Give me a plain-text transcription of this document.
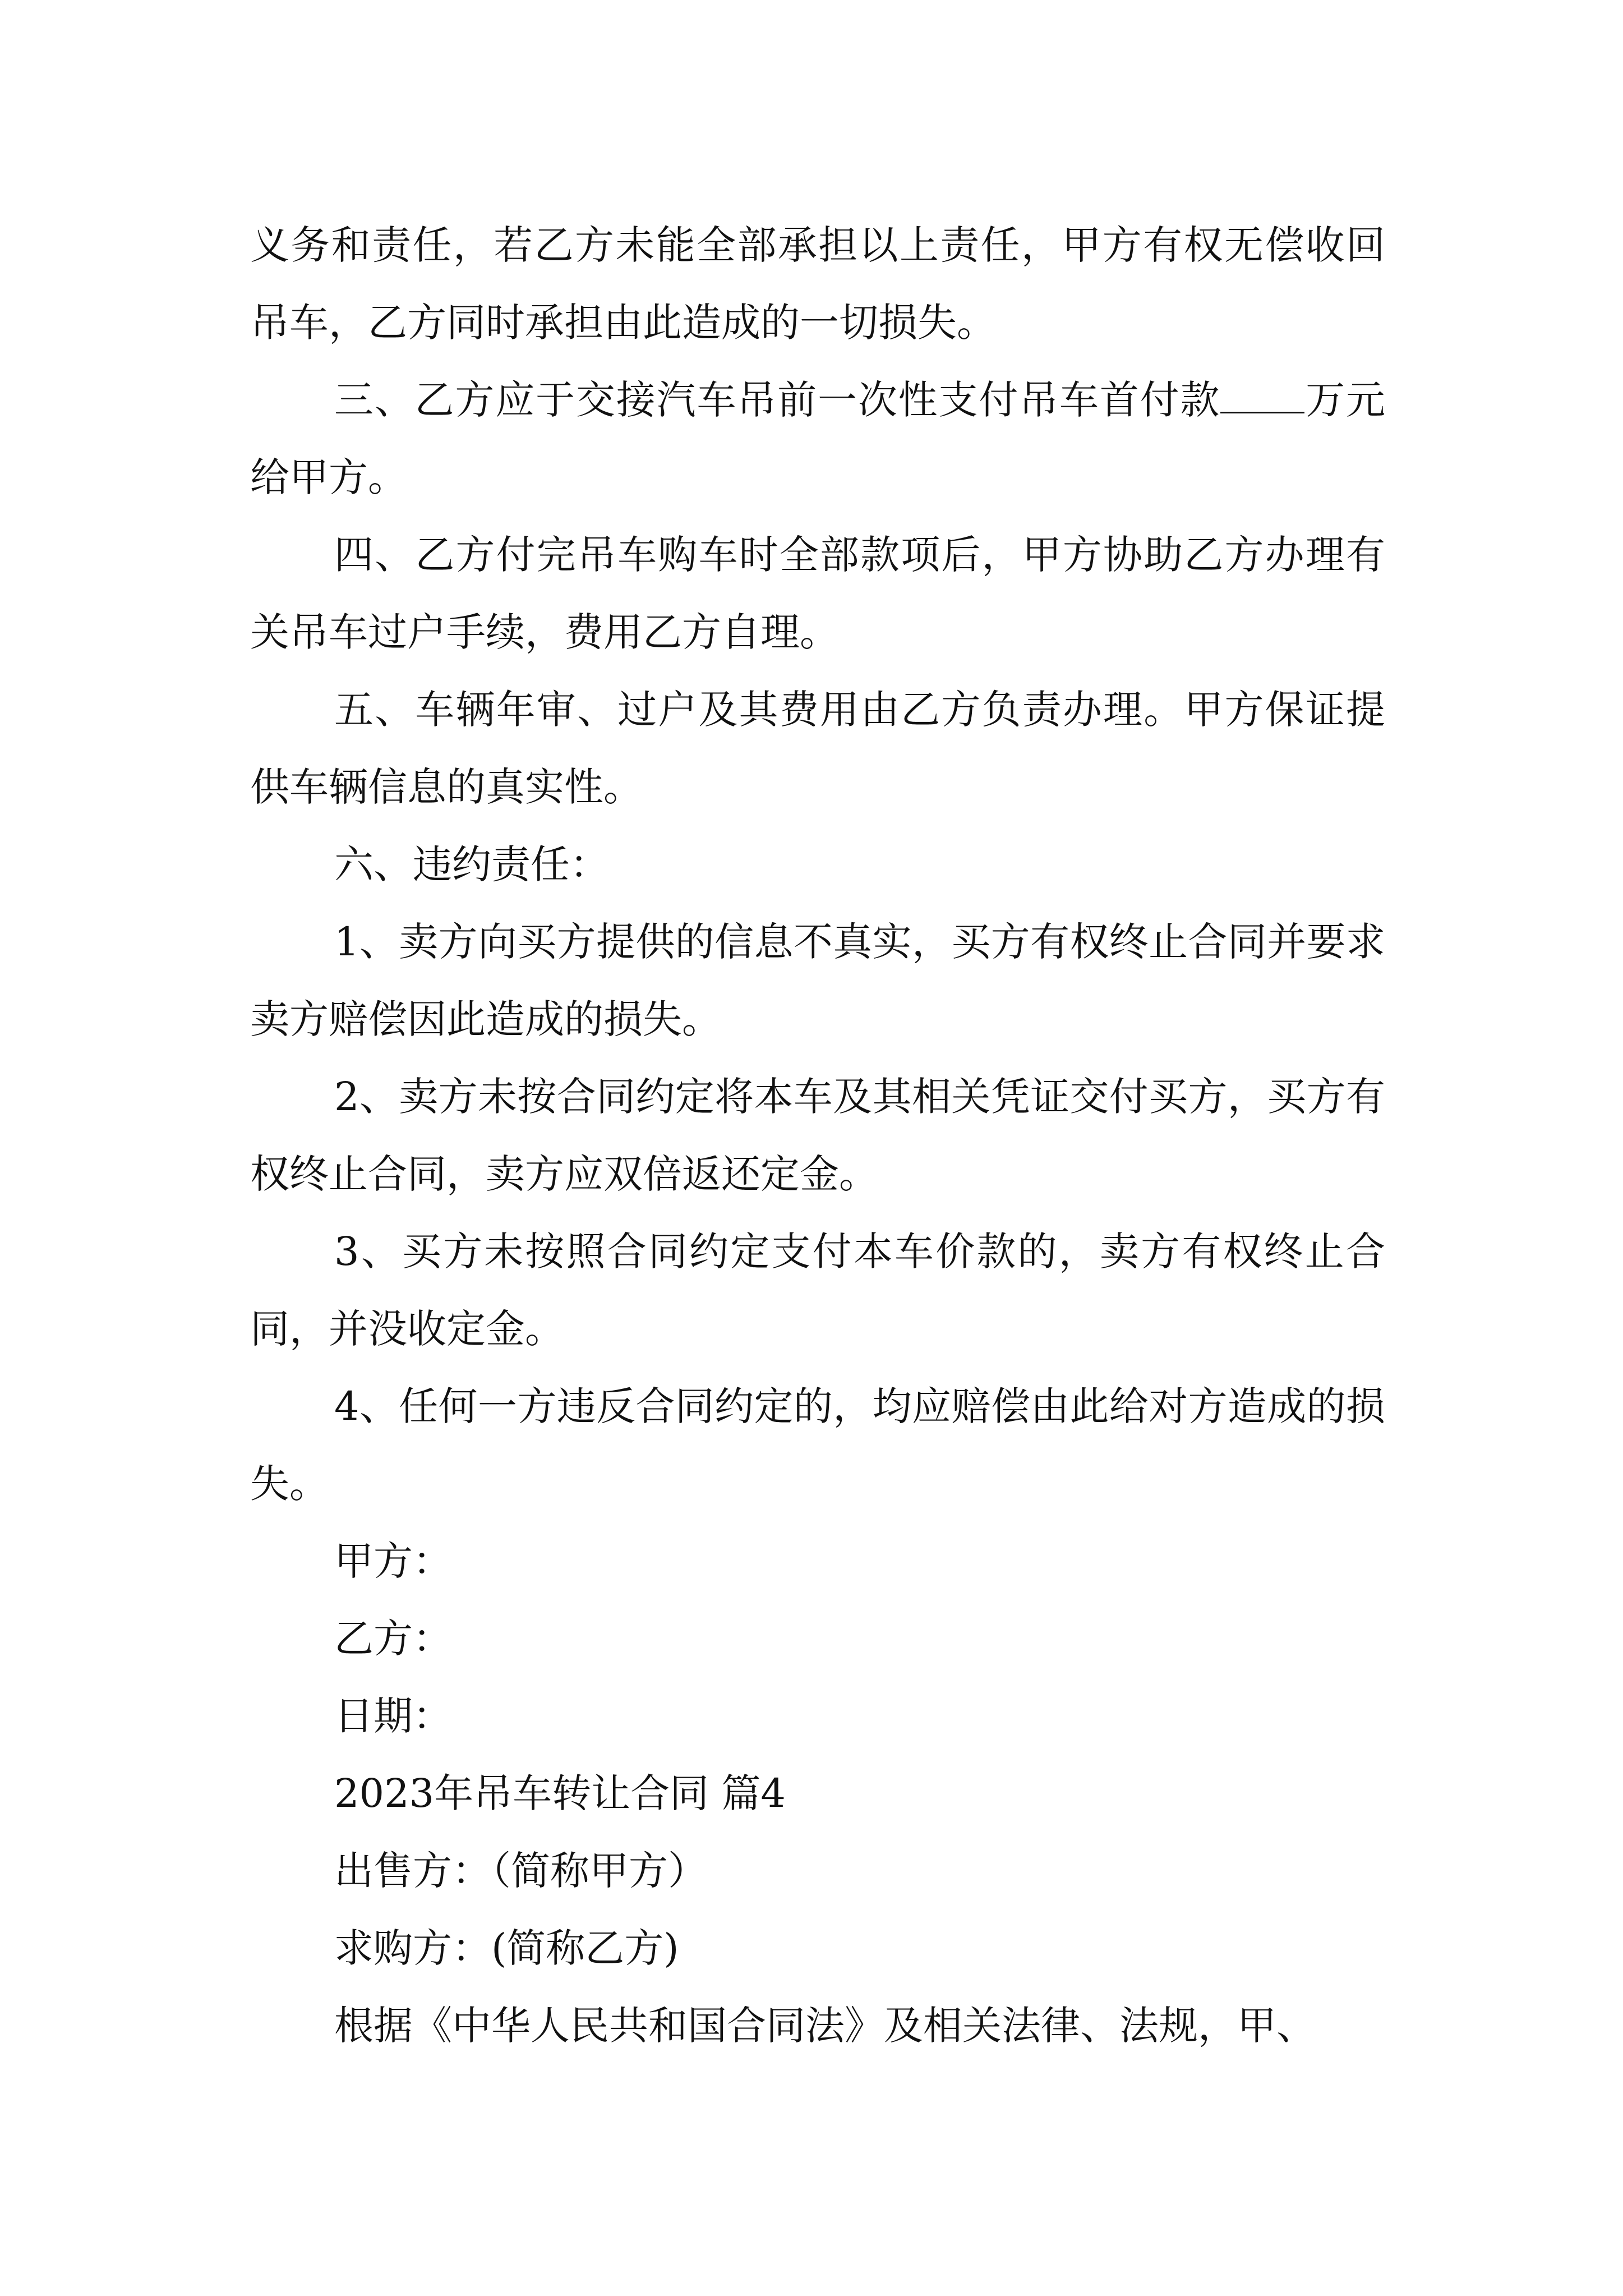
义务和责任，若乙方未能全部承担以上责任，甲方有权无偿收回吊车，乙方同时承担由此造成的一切损失。

三、乙方应于交接汽车吊前一次性支付吊车首付款 万元给甲方。

四、乙方付完吊车购车时全部款项后，甲方协助乙方办理有关吊车过户手续，费用乙方自理。

五、车辆年审、过户及其费用由乙方负责办理。甲方保证提供车辆信息的真实性。

六、违约责任：

1、卖方向买方提供的信息不真实，买方有权终止合同并要求卖方赔偿因此造成的损失。

2、卖方未按合同约定将本车及其相关凭证交付买方，买方有权终止合同，卖方应双倍返还定金。

3、买方未按照合同约定支付本车价款的，卖方有权终止合同，并没收定金。

4、任何一方违反合同约定的，均应赔偿由此给对方造成的损失。

甲方：

乙方：

日期：

2023年吊车转让合同 篇4

出售方：（简称甲方）

求购方：(简称乙方)

根据《中华人民共和国合同法》及相关法律、法规，甲、
